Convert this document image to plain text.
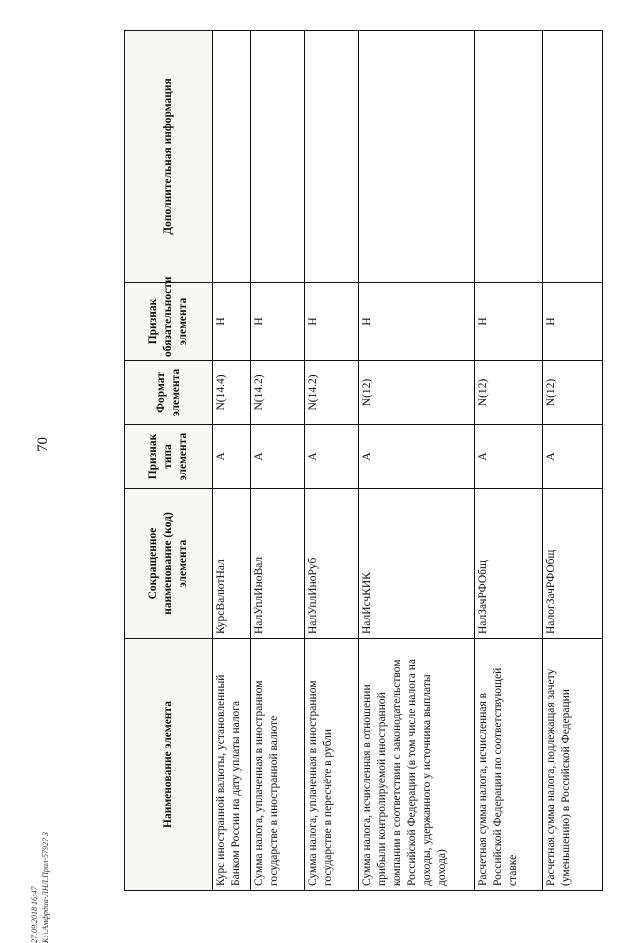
70
Наименование элемента	Сокращенное наименование (код) элемента	Признак типа элемента	Формат элемента	Признак обязательности элемента	Дополнительная информация
Курс иностранной валюты, установленный Банком России на дату уплаты налога	КурсВалютНал	А	N(14.4)	Н	
Сумма налога, уплаченная в иностранном государстве в иностранной валюте	НалУплИноВал	А	N(14.2)	Н	
Сумма налога, уплаченная в иностранном государстве в пересчёте в рубли	НалУплИноРуб	А	N(14.2)	Н	
Сумма налога, исчисленная в отношении прибыли контролируемой иностранной компании в соответствии с законодательством Российской Федерации (в том числе налога на доходы, удержанного у источника выплаты дохода)	НалИсчКИК	А	N(12)	Н	
Расчетная сумма налога, исчисленная в Российской Федерации по соответствующей ставке	НалЗачРФОбщ	А	N(12)	Н	
Расчетная сумма налога, подлежащая зачету (уменьшению) в Российской Федерации	НалогЗачРФОбщ	А	N(12)	Н	
27.09.2018 16:47 К:\.Амфрдиа-ЛНЛ.Прил-5792? З
